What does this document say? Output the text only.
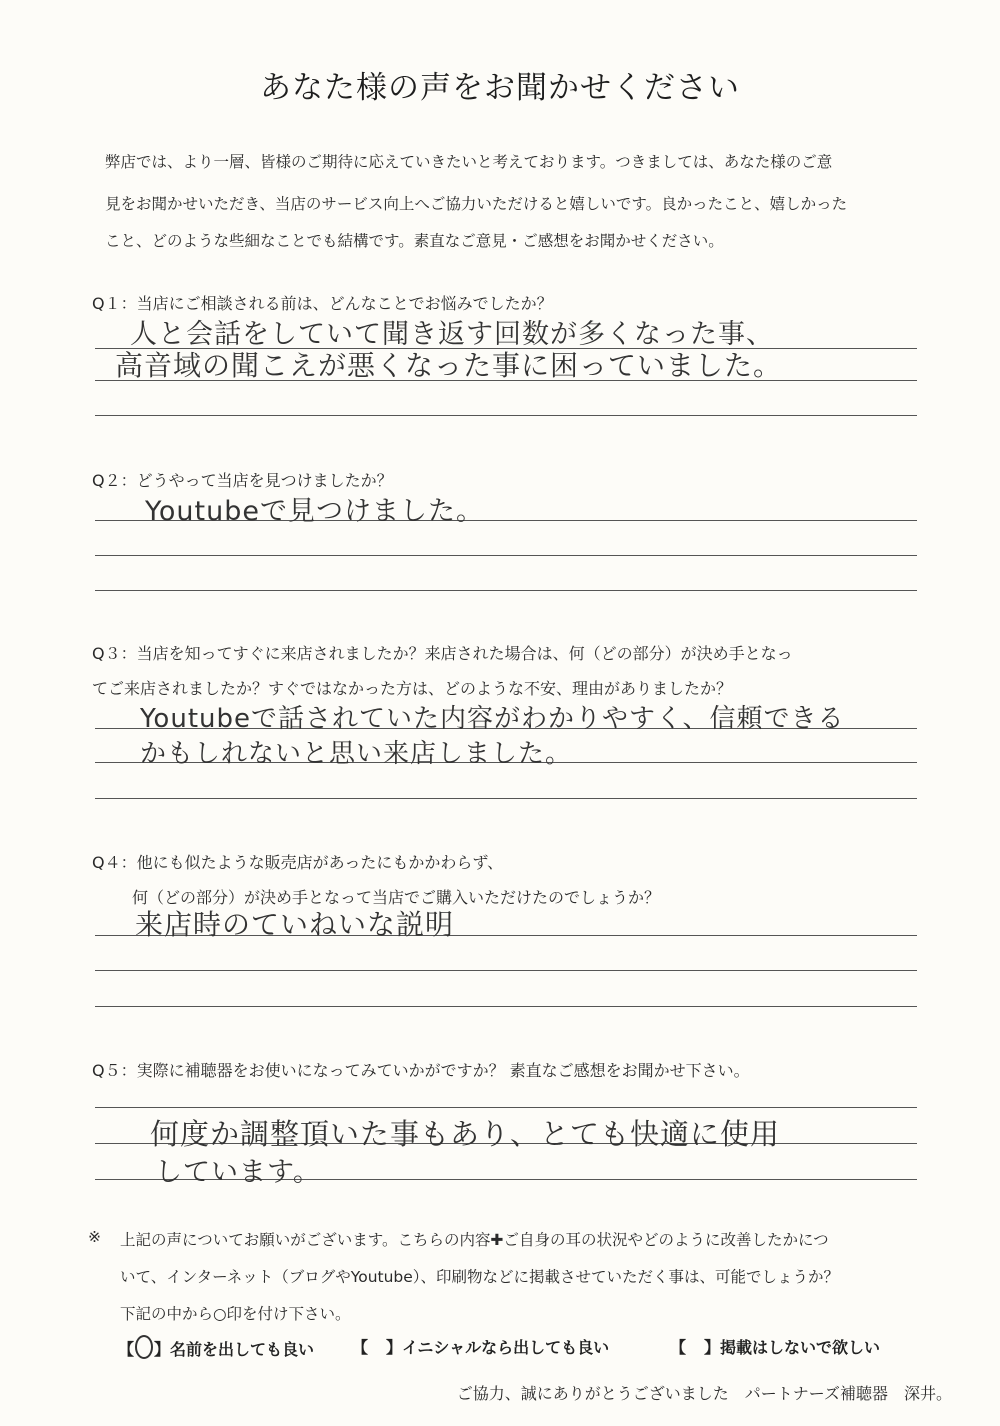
あなた様の声をお聞かせください
弊店では、より一層、皆様のご期待に応えていきたいと考えております。つきましては、あなた様のご意
見をお聞かせいただき、当店のサービス向上へご協力いただけると嬉しいです。良かったこと、嬉しかった
こと、どのような些細なことでも結構です。素直なご意見・ご感想をお聞かせください。
Q１：当店にご相談される前は、どんなことでお悩みでしたか？
人と会話をしていて聞き返す回数が多くなった事、
高音域の聞こえが悪くなった事に困っていました。
Q２：どうやって当店を見つけましたか？
Youtubeで見つけました。
Q３：当店を知ってすぐに来店されましたか？来店された場合は、何（どの部分）が決め手となっ
てご来店されましたか？すぐではなかった方は、どのような不安、理由がありましたか？
Youtubeで話されていた内容がわかりやすく、信頼できる
かもしれないと思い来店しました。
Q４：他にも似たような販売店があったにもかかわらず、
何（どの部分）が決め手となって当店でご購入いただけたのでしょうか？
来店時のていねいな説明
Q５：実際に補聴器をお使いになってみていかがですか？ 素直なご感想をお聞かせ下さい。
何度か調整頂いた事もあり、とても快適に使用
しています。
※ 上記の声についてお願いがございます。こちらの内容✚ご自身の耳の状況やどのように改善したかにつ
いて、インターネット（ブログやYoutube）、印刷物などに掲載させていただく事は、可能でしょうか？
下記の中から○印を付け下さい。
【○】名前を出しても良い 【 】イニシャルなら出しても良い	【 】掲載はしないで欲しい
ご協力、誠にありがとうございました　パートナーズ補聴器　深井。
